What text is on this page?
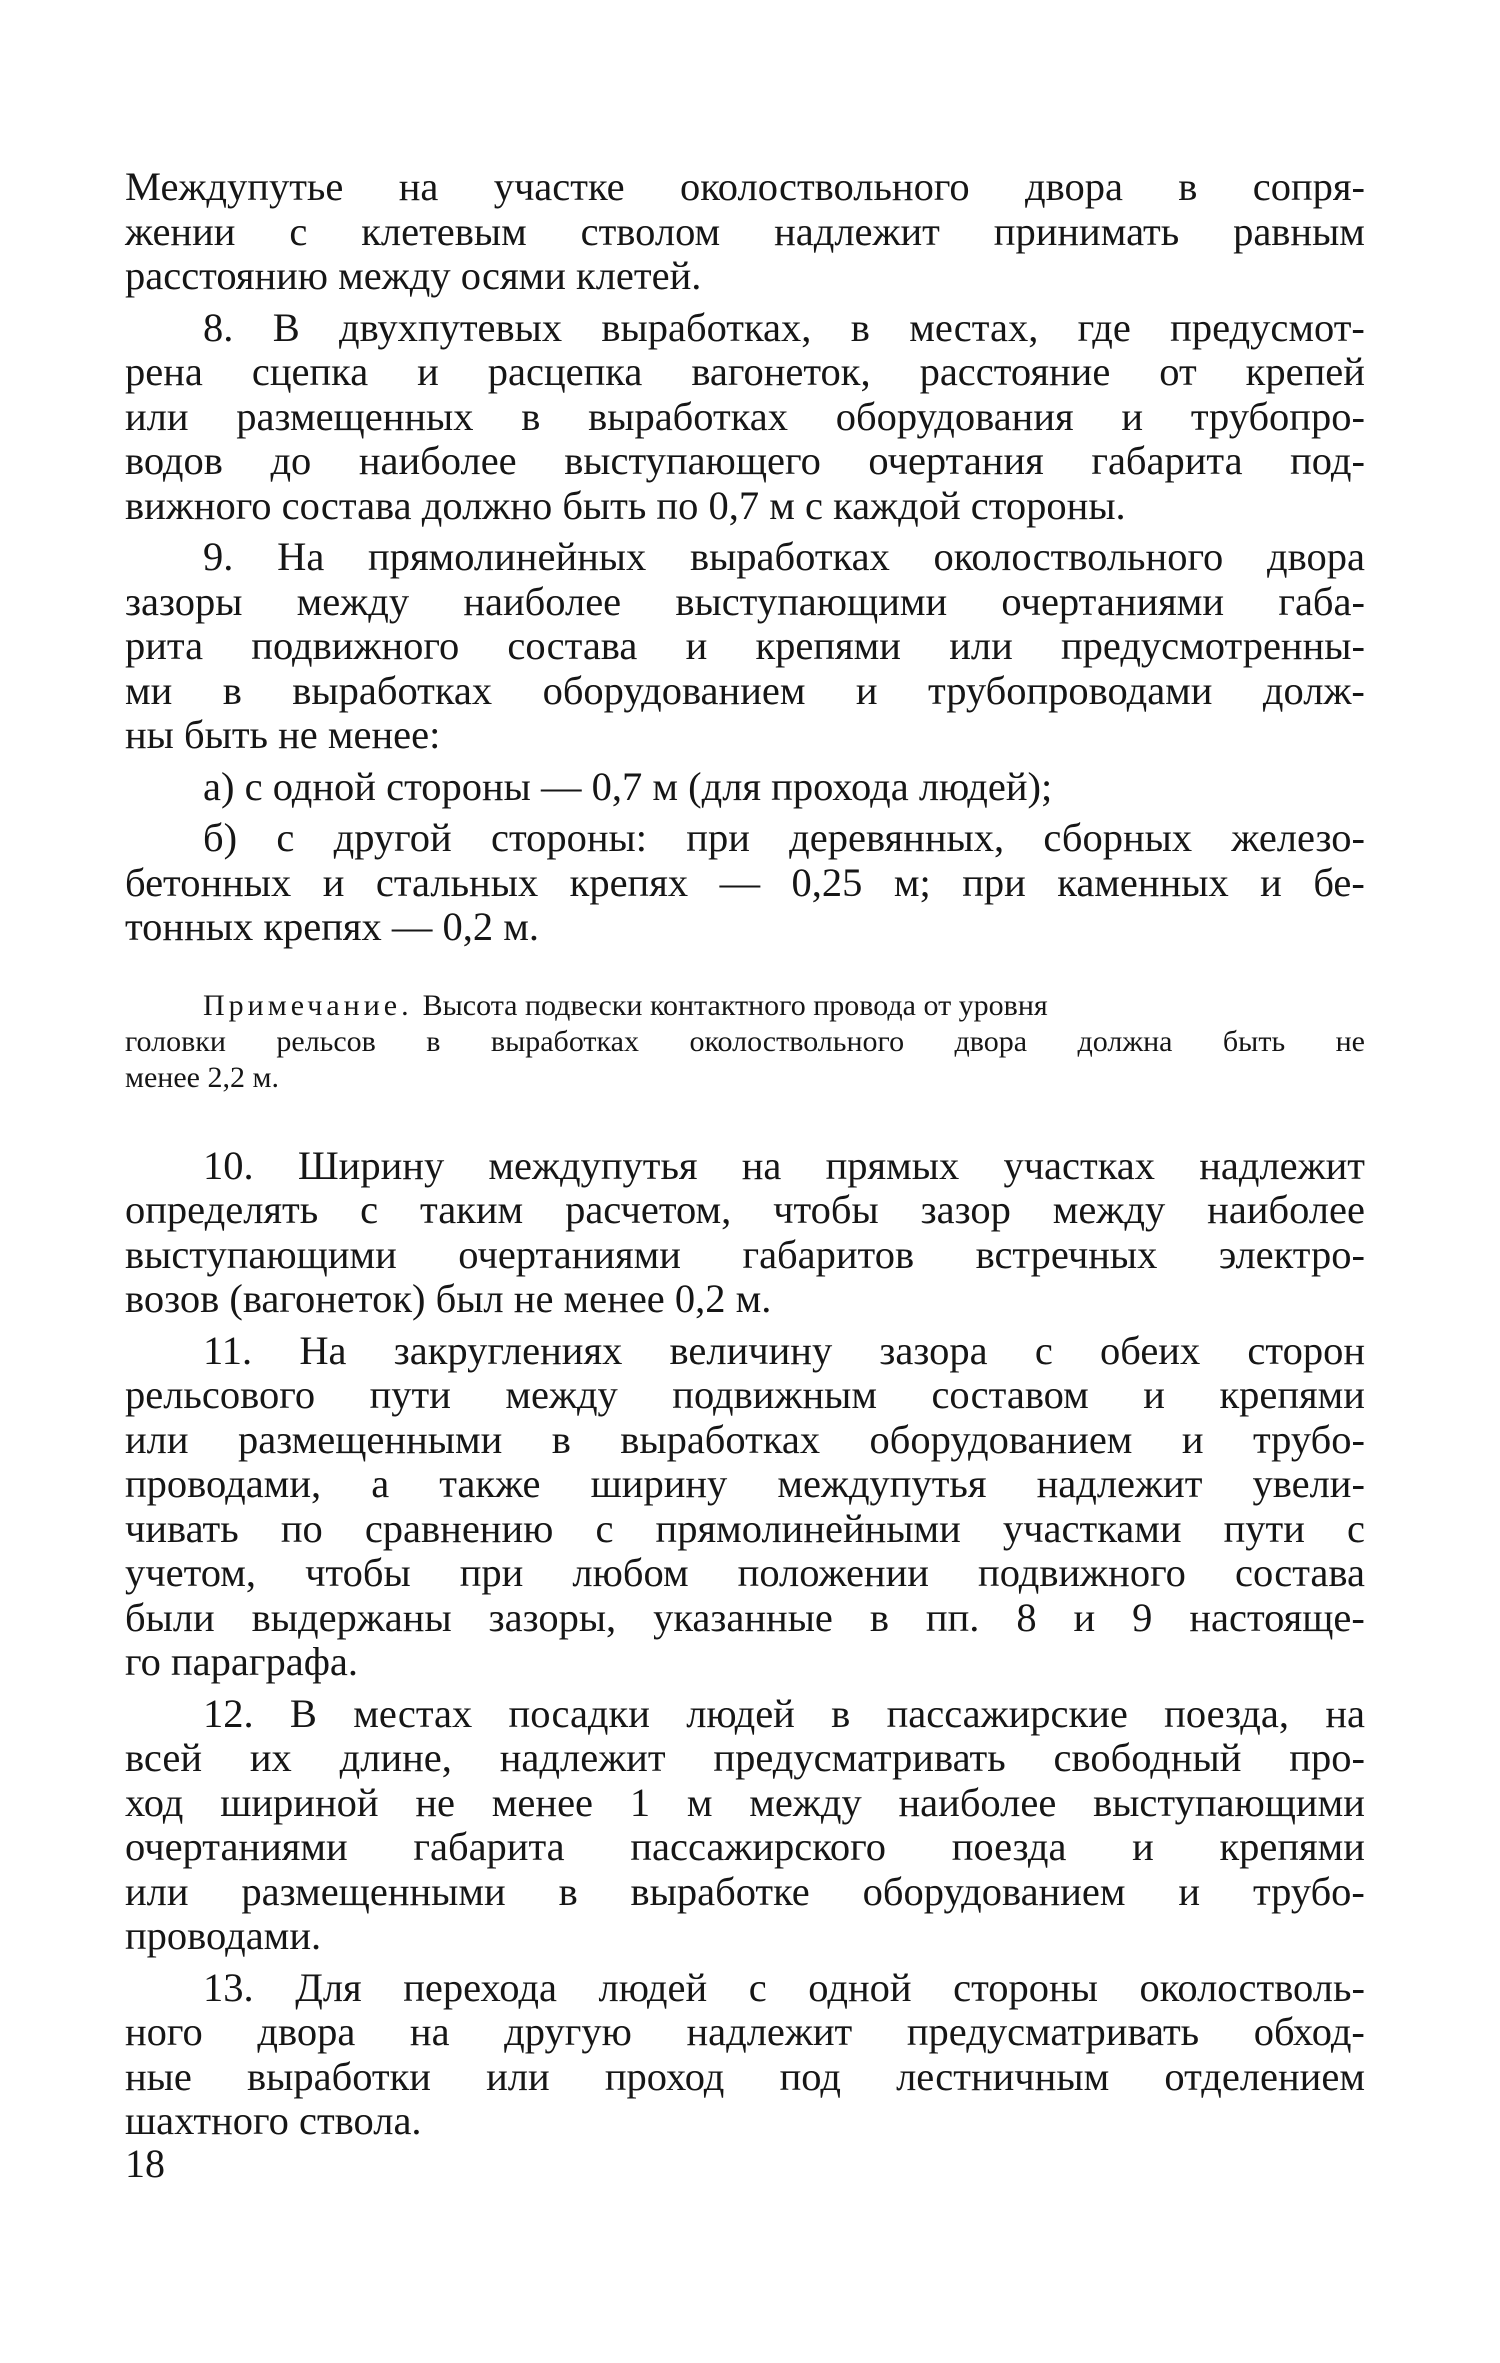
Междупутье на участке околоствольного двора в сопря-
жении с клетевым стволом надлежит принимать равным
расстоянию между осями клетей.
8. В двухпутевых выработках, в местах, где предусмот-
рена сцепка и расцепка вагонеток, расстояние от крепей
или размещенных в выработках оборудования и трубопро-
водов до наиболее выступающего очертания габарита под-
вижного состава должно быть по 0,7 м с каждой стороны.
9. На прямолинейных выработках околоствольного двора
зазоры между наиболее выступающими очертаниями габа-
рита подвижного состава и крепями или предусмотренны-
ми в выработках оборудованием и трубопроводами долж-
ны быть не менее:
а) с одной стороны — 0,7 м (для прохода людей);
б) с другой стороны: при деревянных, сборных железо-
бетонных и стальных крепях — 0,25 м; при каменных и бе-
тонных крепях — 0,2 м.
Примечание. Высота подвески контактного провода от уровня
головки рельсов в выработках околоствольного двора должна быть не
менее 2,2 м.
10. Ширину междупутья на прямых участках надлежит
определять с таким расчетом, чтобы зазор между наиболее
выступающими очертаниями габаритов встречных электро-
возов (вагонеток) был не менее 0,2 м.
11. На закруглениях величину зазора с обеих сторон
рельсового пути между подвижным составом и крепями
или размещенными в выработках оборудованием и трубо-
проводами, а также ширину междупутья надлежит увели-
чивать по сравнению с прямолинейными участками пути с
учетом, чтобы при любом положении подвижного состава
были выдержаны зазоры, указанные в пп. 8 и 9 настояще-
го параграфа.
12. В местах посадки людей в пассажирские поезда, на
всей их длине, надлежит предусматривать свободный про-
ход шириной не менее 1 м между наиболее выступающими
очертаниями габарита пассажирского поезда и крепями
или размещенными в выработке оборудованием и трубо-
проводами.
13. Для перехода людей с одной стороны околостволь-
ного двора на другую надлежит предусматривать обход-
ные выработки или проход под лестничным отделением
шахтного ствола.
18
